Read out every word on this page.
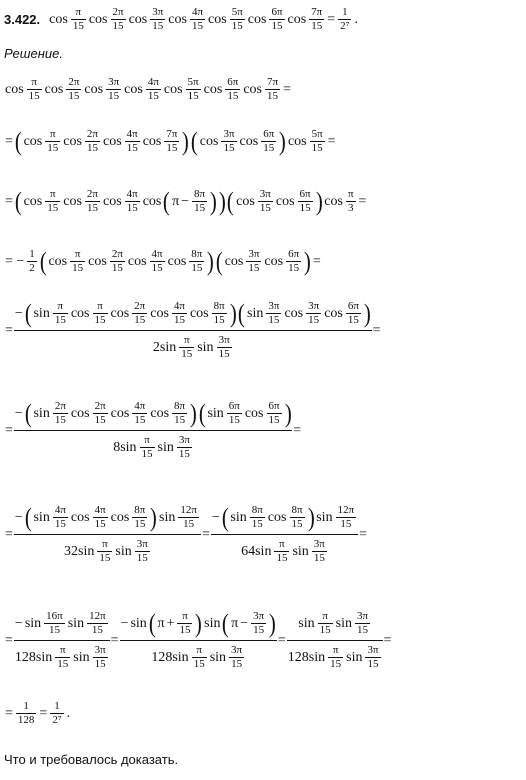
3.422. $\cos \frac{\pi}{15}$ $\cos \frac{2\pi}{15}$ $\cos \frac{3\pi}{15}$ $\cos \frac{4\pi}{15}$ $\cos \frac{5\pi}{15}$ $\cos \frac{6\pi}{15}$ $\cos \frac{7\pi}{15} = \frac{1}{\text{2⁷}}$ .
Решение.
$\cos \frac{\pi}{15}$ $\cos \frac{2\pi}{15}$ $\cos \frac{3\pi}{15}$ $\cos \frac{4\pi}{15}$ $\cos \frac{5\pi}{15}$ $\cos \frac{6\pi}{15}$ $\cos \frac{7\pi}{15}$ =
= ( $\cos \frac{\pi}{15}$ $\cos \frac{2\pi}{15}$ $\cos \frac{4\pi}{15}$ $\cos \frac{7\pi}{15}$ ) ( $\cos \frac{3\pi}{15}$ $\cos \frac{6\pi}{15}$ ) $\cos \frac{5\pi}{15}$ =
= ( $\cos \frac{\pi}{15}$ $\cos \frac{2\pi}{15}$ $\cos \frac{4\pi}{15}$ cos ( $\pi - \frac{8\pi}{15}$ ) ) ( $\cos \frac{3\pi}{15}$ $\cos \frac{6\pi}{15}$ ) $\cos \frac{\pi}{3}$ =
= − $\frac{1}{2}$ ( $\cos \frac{\pi}{15}$ $\cos \frac{2\pi}{15}$ $\cos \frac{4\pi}{15}$ $\cos \frac{8\pi}{15}$ ) ( $\cos \frac{3\pi}{15}$ $\cos \frac{6\pi}{15}$ ) =
=
− ( $\sin \frac{\pi}{15}$ $\cos \frac{\pi}{15}$ $\cos \frac{2\pi}{15}$ $\cos \frac{4\pi}{15}$ $\cos \frac{8\pi}{15}$ ) ( $\sin \frac{3\pi}{15}$ $\cos \frac{3\pi}{15}$ $\cos \frac{6\pi}{15}$ )
$2\sin \frac{\pi}{15}$ $\sin \frac{3\pi}{15}$
=
=
− ( $\sin \frac{2\pi}{15}$ $\cos \frac{2\pi}{15}$ $\cos \frac{4\pi}{15}$ $\cos \frac{8\pi}{15}$ ) ( $\sin \frac{6\pi}{15}$ $\cos \frac{6\pi}{15}$ )
$8\sin \frac{\pi}{15}$ $\sin \frac{3\pi}{15}$
=
=
− ( $\sin \frac{4\pi}{15}$ $\cos \frac{4\pi}{15}$ $\cos \frac{8\pi}{15}$ ) $\sin \frac{12\pi}{15}$
$32\sin \frac{\pi}{15}$ $\sin \frac{3\pi}{15}$
=
− ( $\sin \frac{8\pi}{15}$ $\cos \frac{8\pi}{15}$ ) $\sin \frac{12\pi}{15}$
$64\sin \frac{\pi}{15}$ $\sin \frac{3\pi}{15}$
=
=
− $\sin \frac{16\pi}{15}$ $\sin \frac{12\pi}{15}$
$128\sin \frac{\pi}{15}$ $\sin \frac{3\pi}{15}$
=
− sin ( $\pi + \frac{\pi}{15}$ ) sin ( $\pi - \frac{3\pi}{15}$ )
$128\sin \frac{\pi}{15}$ $\sin \frac{3\pi}{15}$
=
$\sin \frac{\pi}{15}$ $\sin \frac{3\pi}{15}$
$128\sin \frac{\pi}{15}$ $\sin \frac{3\pi}{15}$
=
= $\frac{1}{128} = \frac{1}{\text{2⁷}}$ .
Что и требовалось доказать.
